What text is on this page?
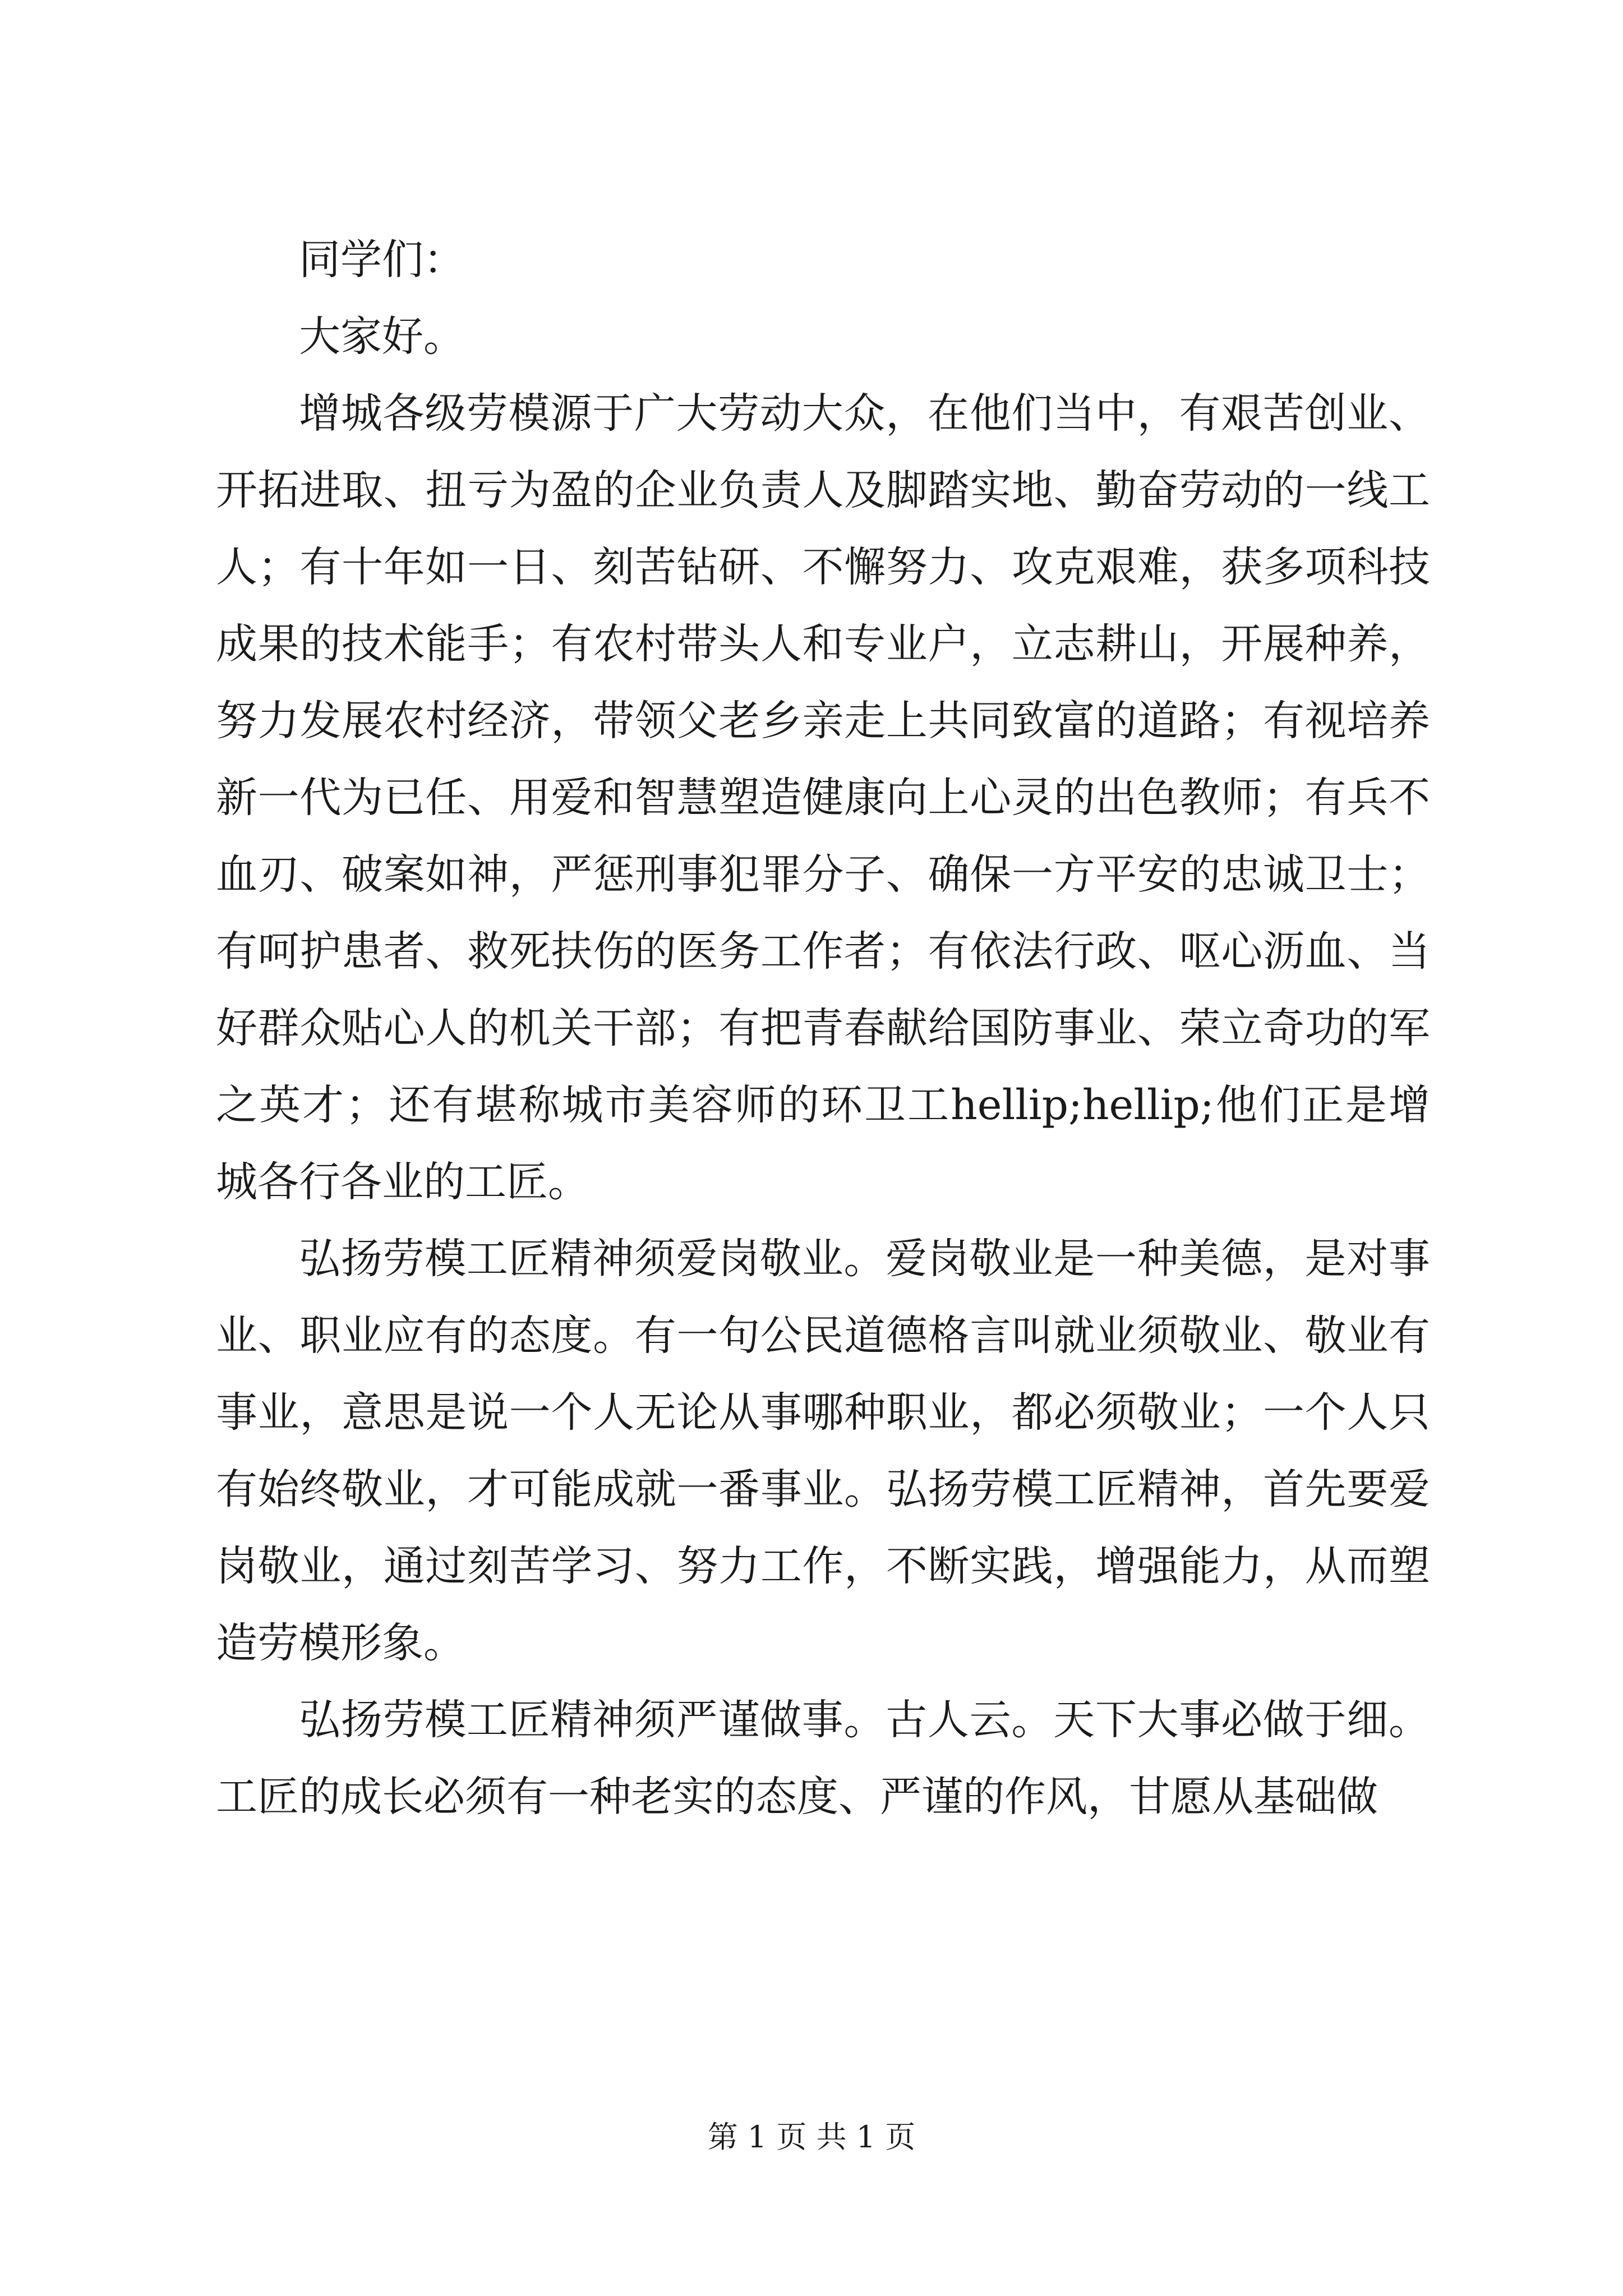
同学们：

大家好。

增城各级劳模源于广大劳动大众，在他们当中，有艰苦创业、开拓进取、扭亏为盈的企业负责人及脚踏实地、勤奋劳动的一线工人；有十年如一日、刻苦钻研、不懈努力、攻克艰难，获多项科技成果的技术能手；有农村带头人和专业户，立志耕山，开展种养，努力发展农村经济，带领父老乡亲走上共同致富的道路；有视培养新一代为已任、用爱和智慧塑造健康向上心灵的出色教师；有兵不血刃、破案如神，严惩刑事犯罪分子、确保一方平安的忠诚卫士；有呵护患者、救死扶伤的医务工作者；有依法行政、呕心沥血、当好群众贴心人的机关干部；有把青春献给国防事业、荣立奇功的军之英才；还有堪称城市美容师的环卫工hellip;hellip;他们正是增城各行各业的工匠。

弘扬劳模工匠精神须爱岗敬业。爱岗敬业是一种美德，是对事业、职业应有的态度。有一句公民道德格言叫就业须敬业、敬业有事业，意思是说一个人无论从事哪种职业，都必须敬业；一个人只有始终敬业，才可能成就一番事业。弘扬劳模工匠精神，首先要爱岗敬业，通过刻苦学习、努力工作，不断实践，增强能力，从而塑造劳模形象。

弘扬劳模工匠精神须严谨做事。古人云。天下大事必做于细。工匠的成长必须有一种老实的态度、严谨的作风，甘愿从基础做

第 1 页 共 1 页
